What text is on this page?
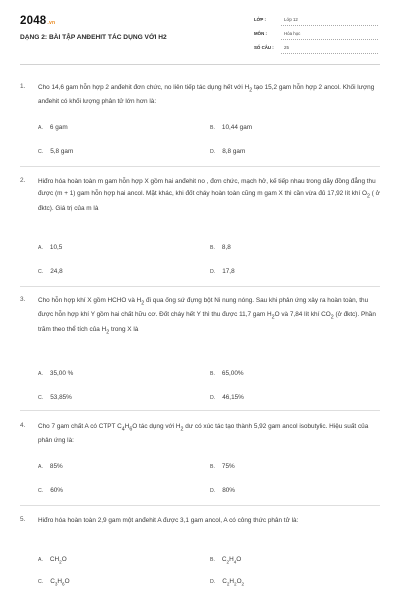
2048.vn
DẠNG 2: BÀI TẬP ANĐEHIT TÁC DỤNG VỚI H2
LỚP :	Lớp 12
MÔN :	Hóa học
SỐ CÂU : 25
1. Cho 14,6 gam hỗn hợp 2 anđehit đơn chức, no liên tiếp tác dụng hết với $H_2$ tạo 15,2 gam hỗn hợp 2 ancol. Khối lượng anđehit có khối lượng phân tử lớn hơn là:
A. 6 gam	B. 10,44 gam
C. 5,8 gam	D. 8,8 gam
2. Hiđro hóa hoàn toàn m gam hỗn hợp X gồm hai anđehit no , đơn chức, mạch hở, kế tiếp nhau trong dãy đồng đẳng thu được (m + 1) gam hỗn hợp hai ancol. Mặt khác, khi đốt cháy hoàn toàn cũng m gam X thì cần vừa đủ 17,92 lít khí $O_2$ ( ở đktc). Giá trị của m là
A. 10,5	B. 8,8
C. 24,8	D. 17,8
3. Cho hỗn hợp khí X gồm HCHO và $H_2$ đi qua ống sứ đựng bột Ni nung nóng. Sau khi phản ứng xảy ra hoàn toàn, thu được hỗn hợp khí Y gồm hai chất hữu cơ. Đốt cháy hết Y thì thu được 11,7 gam $H_2O$ và 7,84 lít khí $CO_2$ (ở đktc). Phần trăm theo thể tích của $H_2$ trong X là
A. 35,00 %	B. 65,00%
C. 53,85%	D. 46,15%
4. Cho 7 gam chất A có CTPT $C_4H_6O$ tác dụng với $H_2$ dư có xúc tác tạo thành 5,92 gam ancol isobutylic. Hiệu suất của phản ứng là:
A. 85%	B. 75%
C. 60%	D. 80%
5. Hiđro hóa hoàn toàn 2,9 gam một anđehit A được 3,1 gam ancol, A có công thức phân tử là:
A. $CH_2O$	B. $C_2H_4O$
C. $C_3H_6O$	D. $C_2H_2O_2$
